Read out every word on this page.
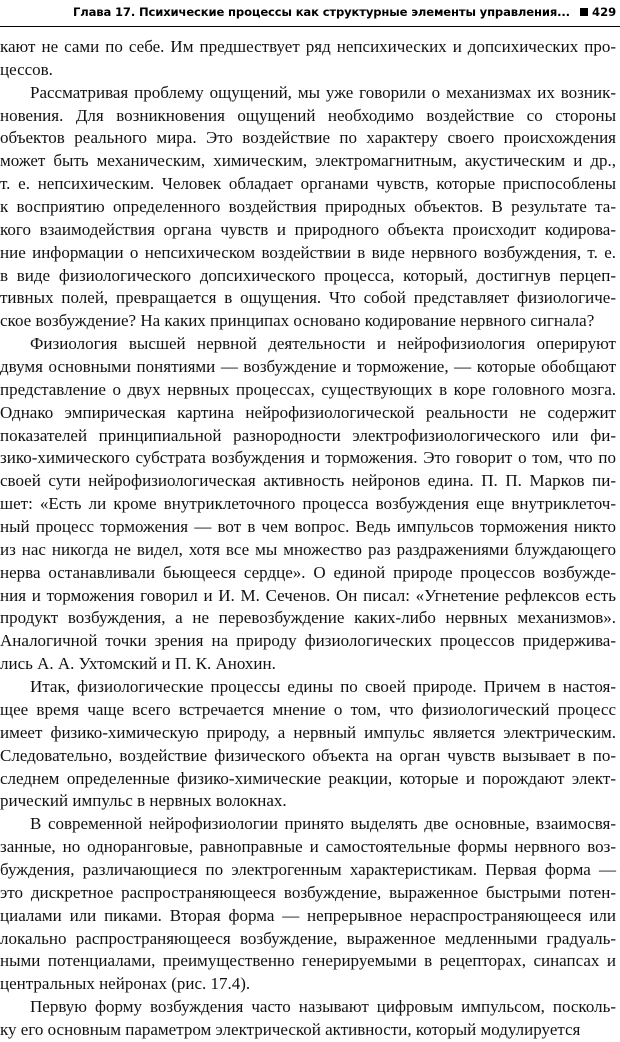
Глава 17. Психические процессы как структурные элементы управления... 429
кают не сами по себе. Им предшествует ряд непсихических и допсихических про-
цессов.
Рассматривая проблему ощущений, мы уже говорили о механизмах их возник-
новения. Для возникновения ощущений необходимо воздействие со стороны
объектов реального мира. Это воздействие по характеру своего происхождения
может быть механическим, химическим, электромагнитным, акустическим и др.,
т. е. непсихическим. Человек обладает органами чувств, которые приспособлены
к восприятию определенного воздействия природных объектов. В результате та-
кого взаимодействия органа чувств и природного объекта происходит кодирова-
ние информации о непсихическом воздействии в виде нервного возбуждения, т. е.
в виде физиологического допсихического процесса, который, достигнув перцеп-
тивных полей, превращается в ощущения. Что собой представляет физиологиче-
ское возбуждение? На каких принципах основано кодирование нервного сигнала?
Физиология высшей нервной деятельности и нейрофизиология оперируют
двумя основными понятиями — возбуждение и торможение, — которые обобщают
представление о двух нервных процессах, существующих в коре головного мозга.
Однако эмпирическая картина нейрофизиологической реальности не содержит
показателей принципиальной разнородности электрофизиологического или фи-
зико-химического субстрата возбуждения и торможения. Это говорит о том, что по
своей сути нейрофизиологическая активность нейронов едина. П. П. Марков пи-
шет: «Есть ли кроме внутриклеточного процесса возбуждения еще внутриклеточ-
ный процесс торможения — вот в чем вопрос. Ведь импульсов торможения никто
из нас никогда не видел, хотя все мы множество раз раздражениями блуждающего
нерва останавливали бьющееся сердце». О единой природе процессов возбужде-
ния и торможения говорил и И. М. Сеченов. Он писал: «Угнетение рефлексов есть
продукт возбуждения, а не перевозбуждение каких-либо нервных механизмов».
Аналогичной точки зрения на природу физиологических процессов придержива-
лись А. А. Ухтомский и П. К. Анохин.
Итак, физиологические процессы едины по своей природе. Причем в настоя-
щее время чаще всего встречается мнение о том, что физиологический процесс
имеет физико-химическую природу, а нервный импульс является электрическим.
Следовательно, воздействие физического объекта на орган чувств вызывает в по-
следнем определенные физико-химические реакции, которые и порождают элект-
рический импульс в нервных волокнах.
В современной нейрофизиологии принято выделять две основные, взаимосвя-
занные, но одноранговые, равноправные и самостоятельные формы нервного воз-
буждения, различающиеся по электрогенным характеристикам. Первая форма —
это дискретное распространяющееся возбуждение, выраженное быстрыми потен-
циалами или пиками. Вторая форма — непрерывное нераспространяющееся или
локально распространяющееся возбуждение, выраженное медленными градуаль-
ными потенциалами, преимущественно генерируемыми в рецепторах, синапсах и
центральных нейронах (рис. 17.4).
Первую форму возбуждения часто называют цифровым импульсом, посколь-
ку его основным параметром электрической активности, который модулируется
